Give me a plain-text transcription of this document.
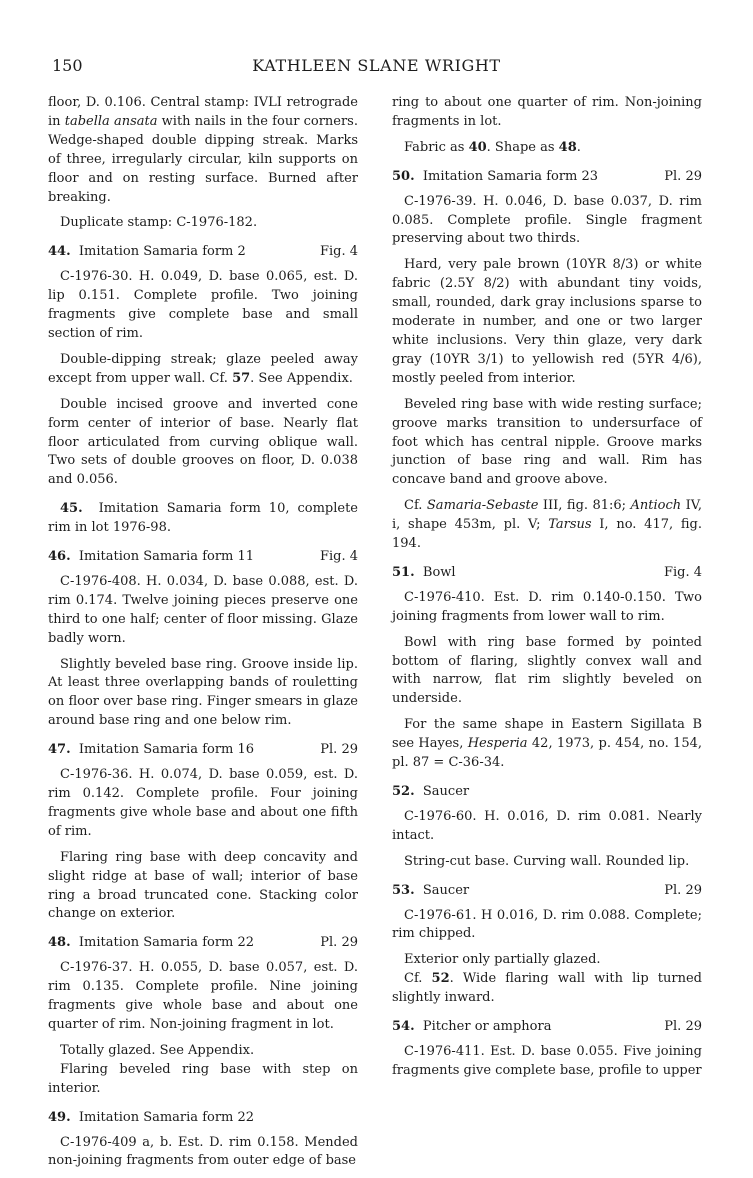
150	KATHLEEN SLANE WRIGHT

floor, D. 0.106. Central stamp: IVLI retrograde in tabella ansata with nails in the four corners. Wedge-shaped double dipping streak. Marks of three, irregularly circular, kiln supports on floor and on resting surface. Burned after breaking.

Duplicate stamp: C-1976-182.

44. Imitation Samaria form 2	Fig. 4

C-1976-30. H. 0.049, D. base 0.065, est. D. lip 0.151. Complete profile. Two joining fragments give complete base and small section of rim.

Double-dipping streak; glaze peeled away except from upper wall. Cf. 57. See Appendix.

Double incised groove and inverted cone form center of interior of base. Nearly flat floor articulated from curving oblique wall. Two sets of double grooves on floor, D. 0.038 and 0.056.

45. Imitation Samaria form 10, complete rim in lot 1976-98.

46. Imitation Samaria form 11	Fig. 4

C-1976-408. H. 0.034, D. base 0.088, est. D. rim 0.174. Twelve joining pieces preserve one third to one half; center of floor missing. Glaze badly worn.

Slightly beveled base ring. Groove inside lip. At least three overlapping bands of rouletting on floor over base ring. Finger smears in glaze around base ring and one below rim.

47. Imitation Samaria form 16	Pl. 29

C-1976-36. H. 0.074, D. base 0.059, est. D. rim 0.142. Complete profile. Four joining fragments give whole base and about one fifth of rim.

Flaring ring base with deep concavity and slight ridge at base of wall; interior of base ring a broad truncated cone. Stacking color change on exterior.

48. Imitation Samaria form 22	Pl. 29

C-1976-37. H. 0.055, D. base 0.057, est. D. rim 0.135. Complete profile. Nine joining fragments give whole base and about one quarter of rim. Non-joining fragment in lot.

Totally glazed. See Appendix.

Flaring beveled ring base with step on interior.

49. Imitation Samaria form 22

C-1976-409 a, b. Est. D. rim 0.158. Mended non-joining fragments from outer edge of base

ring to about one quarter of rim. Non-joining fragments in lot.

Fabric as 40. Shape as 48.

50. Imitation Samaria form 23	Pl. 29

C-1976-39. H. 0.046, D. base 0.037, D. rim 0.085. Complete profile. Single fragment preserving about two thirds.

Hard, very pale brown (10YR 8/3) or white fabric (2.5Y 8/2) with abundant tiny voids, small, rounded, dark gray inclusions sparse to moderate in number, and one or two larger white inclusions. Very thin glaze, very dark gray (10YR 3/1) to yellowish red (5YR 4/6), mostly peeled from interior.

Beveled ring base with wide resting surface; groove marks transition to undersurface of foot which has central nipple. Groove marks junction of base ring and wall. Rim has concave band and groove above.

Cf. Samaria-Sebaste III, fig. 81:6; Antioch IV, i, shape 453m, pl. V; Tarsus I, no. 417, fig. 194.

51. Bowl	Fig. 4

C-1976-410. Est. D. rim 0.140-0.150. Two joining fragments from lower wall to rim.

Bowl with ring base formed by pointed bottom of flaring, slightly convex wall and with narrow, flat rim slightly beveled on underside.

For the same shape in Eastern Sigillata B see Hayes, Hesperia 42, 1973, p. 454, no. 154, pl. 87 = C-36-34.

52. Saucer

C-1976-60. H. 0.016, D. rim 0.081. Nearly intact.

String-cut base. Curving wall. Rounded lip.

53. Saucer	Pl. 29

C-1976-61. H 0.016, D. rim 0.088. Complete; rim chipped.

Exterior only partially glazed.

Cf. 52. Wide flaring wall with lip turned slightly inward.

54. Pitcher or amphora	Pl. 29

C-1976-411. Est. D. base 0.055. Five joining fragments give complete base, profile to upper
